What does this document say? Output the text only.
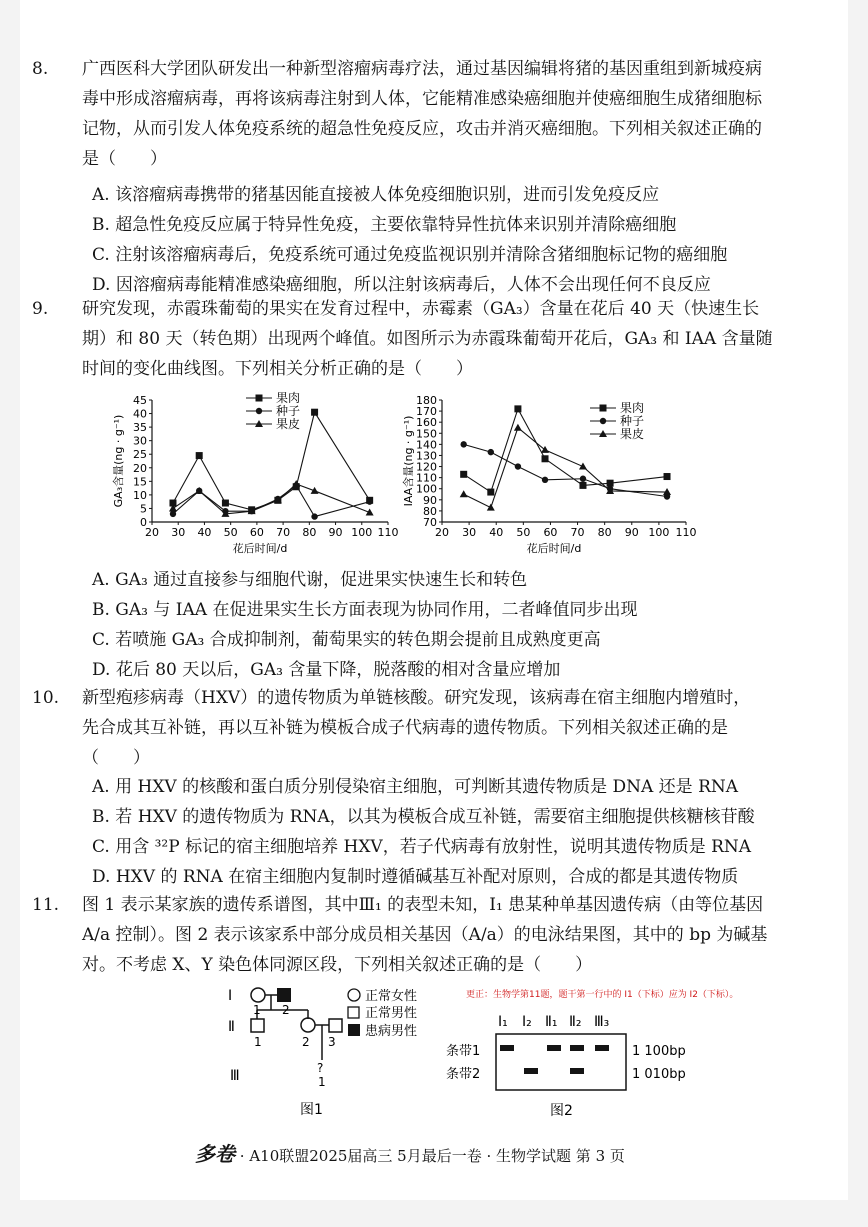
8. 广西医科大学团队研发出一种新型溶瘤病毒疗法，通过基因编辑将猪的基因重组到新城疫病
毒中形成溶瘤病毒，再将该病毒注射到人体，它能精准感染癌细胞并使癌细胞生成猪细胞标
记物，从而引发人体免疫系统的超急性免疫反应，攻击并消灭癌细胞。下列相关叙述正确的
是（　　）
A. 该溶瘤病毒携带的猪基因能直接被人体免疫细胞识别，进而引发免疫反应
B. 超急性免疫反应属于特异性免疫，主要依靠特异性抗体来识别并清除癌细胞
C. 注射该溶瘤病毒后，免疫系统可通过免疫监视识别并清除含猪细胞标记物的癌细胞
D. 因溶瘤病毒能精准感染癌细胞，所以注射该病毒后，人体不会出现任何不良反应
9. 研究发现，赤霞珠葡萄的果实在发育过程中，赤霉素（GA₃）含量在花后 40 天（快速生长
期）和 80 天（转色期）出现两个峰值。如图所示为赤霞珠葡萄开花后，GA₃ 和 IAA 含量随
时间的变化曲线图。下列相关分析正确的是（　　）
0
5
10
15
20
25
30
35
40
45
20 30 40 50 60 70 80 90 100 110
花后时间/d
GA₃含量(ng · g⁻¹)
果肉
种子
果皮
70
80
90
100
110
120
130
140
150
160
170
180
20 30 40 50 60 70 80 90 100 110
花后时间/d
IAA含量(ng · g⁻¹)
果肉
种子
果皮
A. GA₃ 通过直接参与细胞代谢，促进果实快速生长和转色
B. GA₃ 与 IAA 在促进果实生长方面表现为协同作用，二者峰值同步出现
C. 若喷施 GA₃ 合成抑制剂，葡萄果实的转色期会提前且成熟度更高
D. 花后 80 天以后，GA₃ 含量下降，脱落酸的相对含量应增加
10. 新型疱疹病毒（HXV）的遗传物质为单链核酸。研究发现，该病毒在宿主细胞内增殖时，
先合成其互补链，再以互补链为模板合成子代病毒的遗传物质。下列相关叙述正确的是
（　　）
A. 用 HXV 的核酸和蛋白质分别侵染宿主细胞，可判断其遗传物质是 DNA 还是 RNA
B. 若 HXV 的遗传物质为 RNA，以其为模板合成互补链，需要宿主细胞提供核糖核苷酸
C. 用含 ³²P 标记的宿主细胞培养 HXV，若子代病毒有放射性，说明其遗传物质是 RNA
D. HXV 的 RNA 在宿主细胞内复制时遵循碱基互补配对原则，合成的都是其遗传物质
11. 图 1 表示某家族的遗传系谱图，其中Ⅲ₁ 的表型未知，I₁ 患某种单基因遗传病（由等位基因
A/a 控制）。图 2 表示该家系中部分成员相关基因（A/a）的电泳结果图，其中的 bp 为碱基
对。不考虑 X、Y 染色体同源区段，下列相关叙述正确的是（　　）
更正：生物学第11题，题干第一行中的 I1（下标）应为 I2（下标）。
I
Ⅱ
Ⅲ
1 2
1	2 3
?
1
正常女性
正常男性
患病男性
图1
I₁ I₂ Ⅱ₁ Ⅱ₂ Ⅲ₃
条带1
条带2
1 100bp
1 010bp
图2
多卷 · A10联盟2025届高三 5月最后一卷 · 生物学试题 第 3 页
